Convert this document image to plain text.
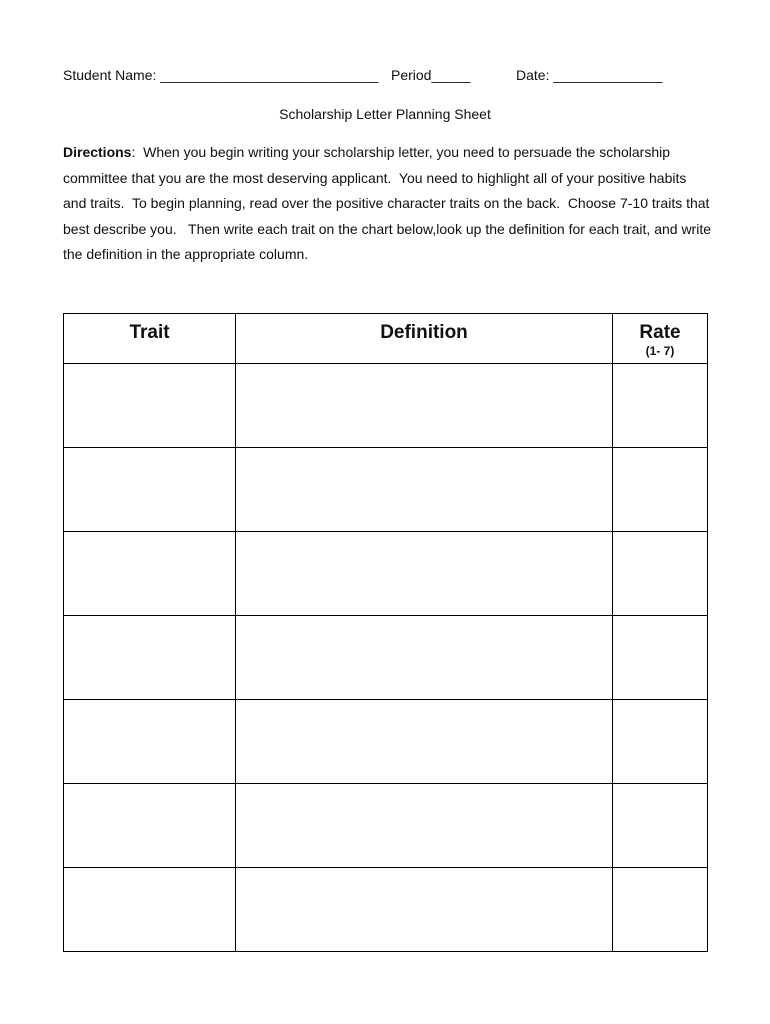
Student Name: ____________________________ Period_____	Date: ______________
Scholarship Letter Planning Sheet
Directions:  When you begin writing your scholarship letter, you need to persuade the scholarship
committee that you are the most deserving applicant.  You need to highlight all of your positive habits
and traits.  To begin planning, read over the positive character traits on the back.  Choose 7-10 traits that
best describe you.   Then write each trait on the chart below,look up the definition for each trait, and write
the definition in the appropriate column.
Trait	Definition	Rate
(1- 7)
